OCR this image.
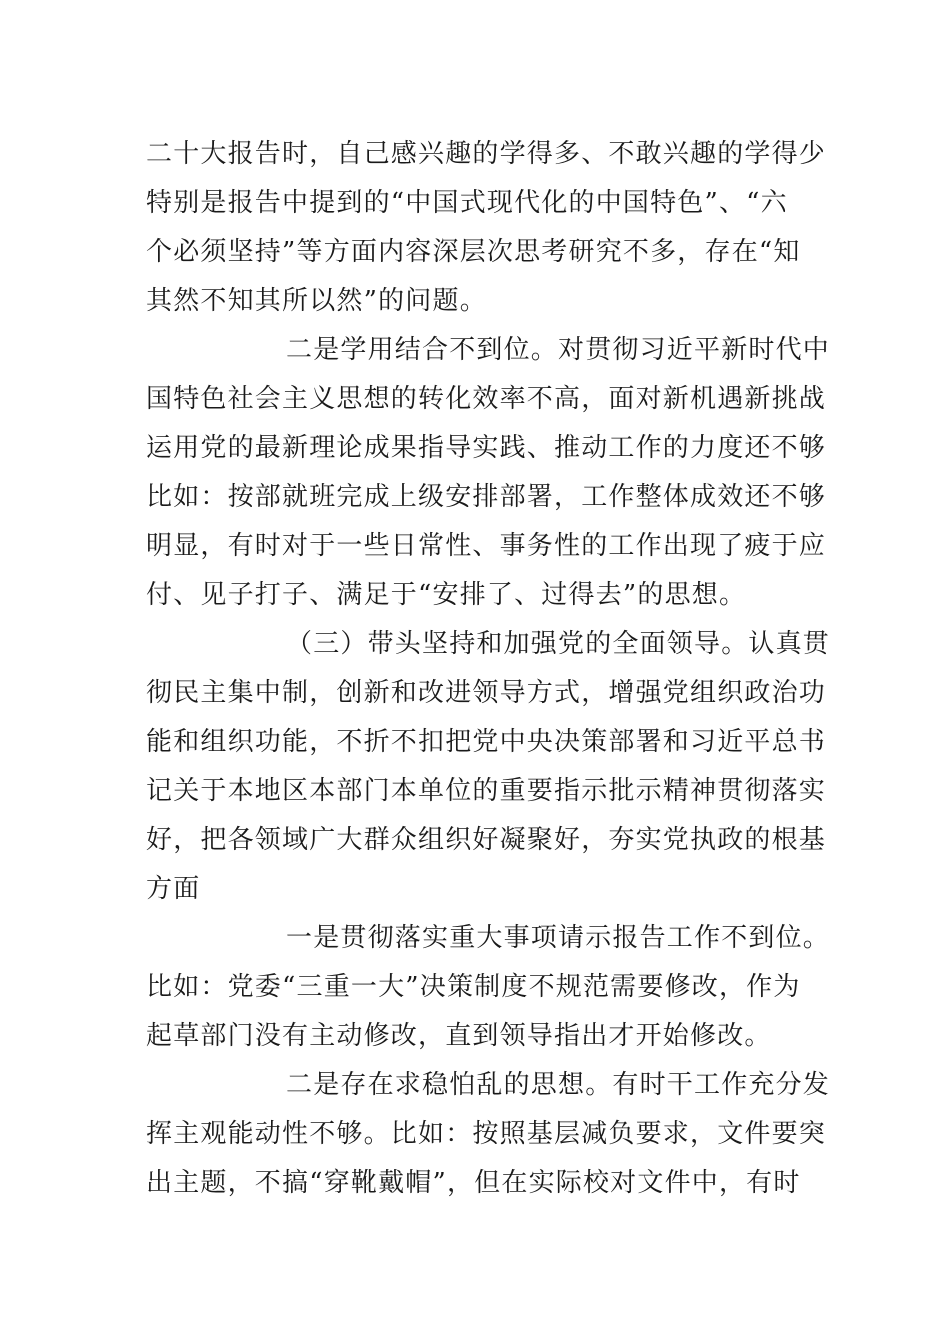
二十大报告时，自己感兴趣的学得多、不敢兴趣的学得少
特别是报告中提到的“中国式现代化的中国特色”、“六
个必须坚持”等方面内容深层次思考研究不多，存在“知
其然不知其所以然”的问题。
二是学用结合不到位。对贯彻习近平新时代中
国特色社会主义思想的转化效率不高，面对新机遇新挑战
运用党的最新理论成果指导实践、推动工作的力度还不够
比如：按部就班完成上级安排部署，工作整体成效还不够
明显，有时对于一些日常性、事务性的工作出现了疲于应
付、见子打子、满足于“安排了、过得去”的思想。
（三）带头坚持和加强党的全面领导。认真贯
彻民主集中制，创新和改进领导方式，增强党组织政治功
能和组织功能，不折不扣把党中央决策部署和习近平总书
记关于本地区本部门本单位的重要指示批示精神贯彻落实
好，把各领域广大群众组织好凝聚好，夯实党执政的根基
方面
一是贯彻落实重大事项请示报告工作不到位。
比如：党委“三重一大”决策制度不规范需要修改，作为
起草部门没有主动修改，直到领导指出才开始修改。
二是存在求稳怕乱的思想。有时干工作充分发
挥主观能动性不够。比如：按照基层减负要求，文件要突
出主题，不搞“穿靴戴帽”，但在实际校对文件中，有时
